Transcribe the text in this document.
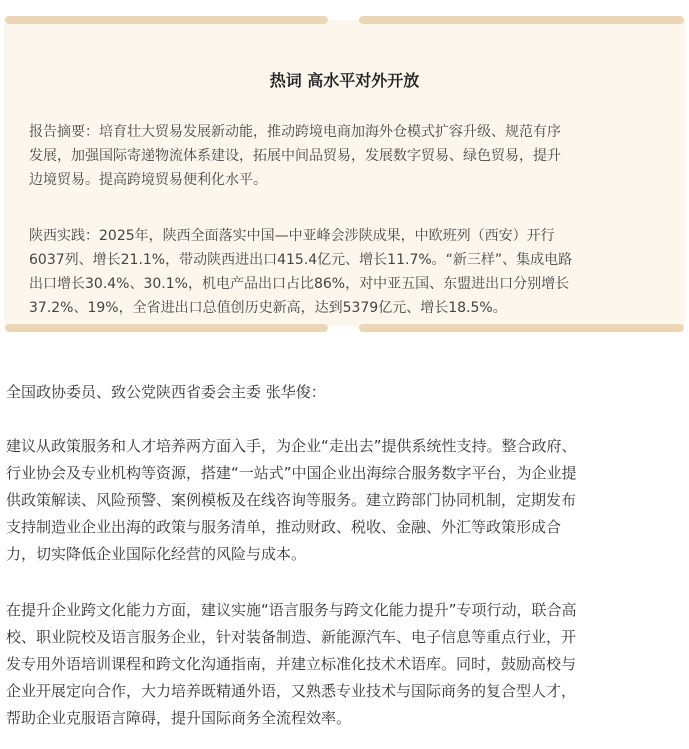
热词 高水平对外开放
报告摘要：培育壮大贸易发展新动能，推动跨境电商加海外仓模式扩容升级、规范有序
发展，加强国际寄递物流体系建设，拓展中间品贸易，发展数字贸易、绿色贸易，提升
边境贸易。提高跨境贸易便利化水平。
陕西实践：2025年，陕西全面落实中国—中亚峰会涉陕成果，中欧班列（西安）开行
6037列、增长21.1%，带动陕西进出口415.4亿元、增长11.7%。“新三样”、集成电路
出口增长30.4%、30.1%，机电产品出口占比86%，对中亚五国、东盟进出口分别增长
37.2%、19%，全省进出口总值创历史新高，达到5379亿元、增长18.5%。
全国政协委员、致公党陕西省委会主委 张华俊：
建议从政策服务和人才培养两方面入手，为企业“走出去”提供系统性支持。整合政府、
行业协会及专业机构等资源，搭建“一站式”中国企业出海综合服务数字平台，为企业提
供政策解读、风险预警、案例模板及在线咨询等服务。建立跨部门协同机制，定期发布
支持制造业企业出海的政策与服务清单，推动财政、税收、金融、外汇等政策形成合
力，切实降低企业国际化经营的风险与成本。
在提升企业跨文化能力方面，建议实施“语言服务与跨文化能力提升”专项行动，联合高
校、职业院校及语言服务企业，针对装备制造、新能源汽车、电子信息等重点行业，开
发专用外语培训课程和跨文化沟通指南，并建立标准化技术术语库。同时，鼓励高校与
企业开展定向合作，大力培养既精通外语，又熟悉专业技术与国际商务的复合型人才，
帮助企业克服语言障碍，提升国际商务全流程效率。
